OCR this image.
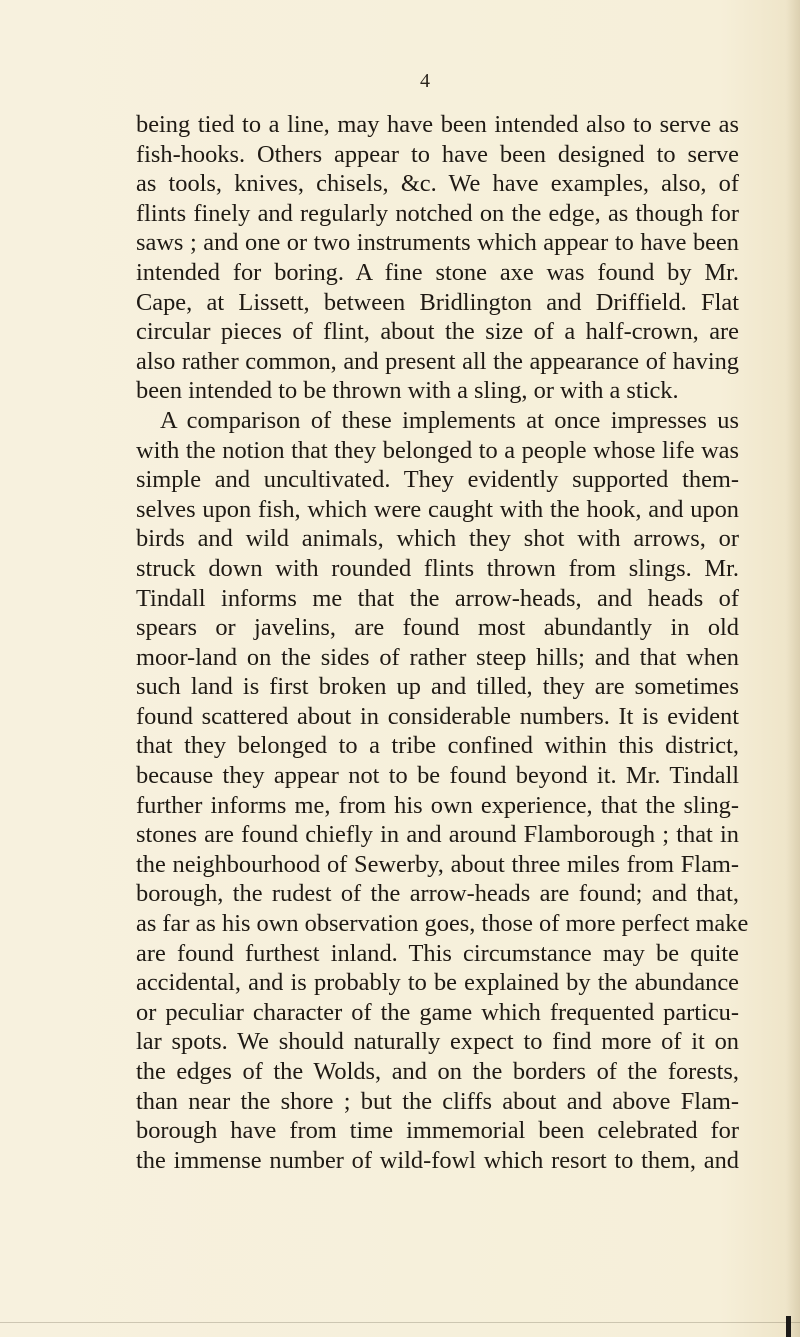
4
being tied to a line, may have been intended also to serve as
fish-hooks. Others appear to have been designed to serve
as tools, knives, chisels, &c. We have examples, also, of
flints finely and regularly notched on the edge, as though for
saws ; and one or two instruments which appear to have been
intended for boring. A fine stone axe was found by Mr.
Cape, at Lissett, between Bridlington and Driffield. Flat
circular pieces of flint, about the size of a half-crown, are
also rather common, and present all the appearance of having
been intended to be thrown with a sling, or with a stick.
A comparison of these implements at once impresses us
with the notion that they belonged to a people whose life was
simple and uncultivated. They evidently supported them-
selves upon fish, which were caught with the hook, and upon
birds and wild animals, which they shot with arrows, or
struck down with rounded flints thrown from slings. Mr.
Tindall informs me that the arrow-heads, and heads of
spears or javelins, are found most abundantly in old
moor-land on the sides of rather steep hills; and that when
such land is first broken up and tilled, they are sometimes
found scattered about in considerable numbers. It is evident
that they belonged to a tribe confined within this district,
because they appear not to be found beyond it. Mr. Tindall
further informs me, from his own experience, that the sling-
stones are found chiefly in and around Flamborough ; that in
the neighbourhood of Sewerby, about three miles from Flam-
borough, the rudest of the arrow-heads are found; and that,
as far as his own observation goes, those of more perfect make
are found furthest inland. This circumstance may be quite
accidental, and is probably to be explained by the abundance
or peculiar character of the game which frequented particu-
lar spots. We should naturally expect to find more of it on
the edges of the Wolds, and on the borders of the forests,
than near the shore ; but the cliffs about and above Flam-
borough have from time immemorial been celebrated for
the immense number of wild-fowl which resort to them, and
